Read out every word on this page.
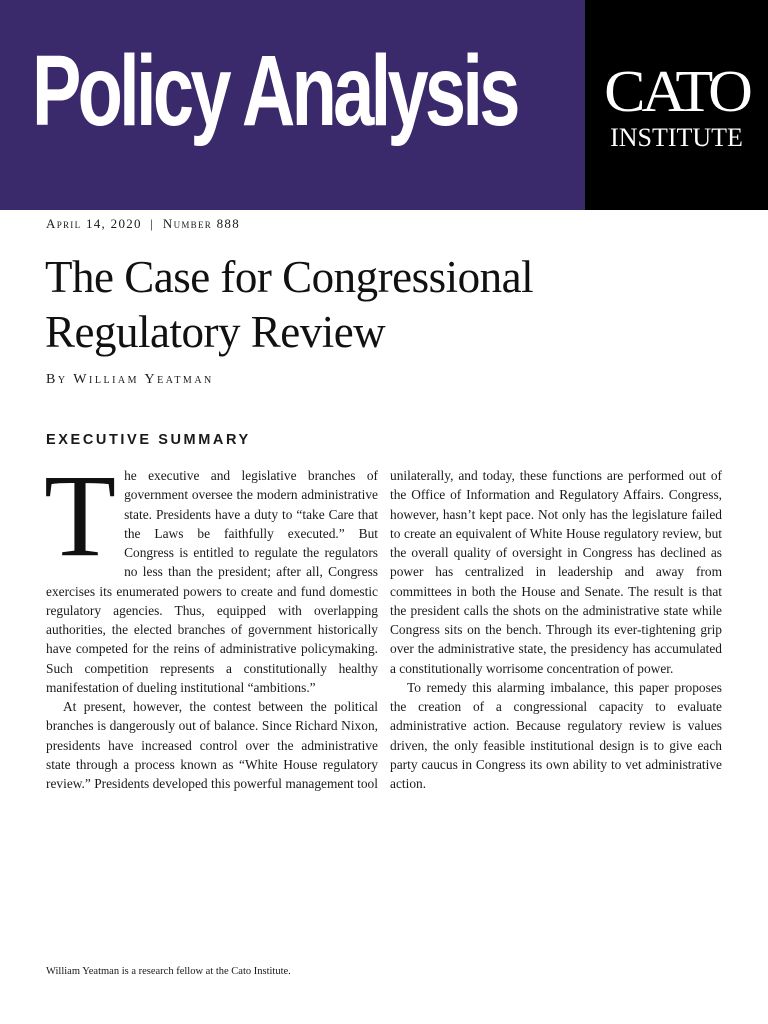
Policy Analysis	CATO
INSTITUTE
April 14, 2020 | Number 888
The Case for Congressional Regulatory Review
By William Yeatman
EXECUTIVE SUMMARY

The executive and legislative branches of government oversee the modern administrative state. Presidents have a duty to “take Care that the Laws be faithfully executed.” But Congress is entitled to regulate the regulators no less than the president; after all, Congress exercises its enumerated powers to create and fund domestic regulatory agencies. Thus, equipped with overlapping authorities, the elected branches of government historically have competed for the reins of administrative policymaking. Such competition represents a constitutionally healthy manifestation of dueling institutional “ambitions.”

At present, however, the contest between the political branches is dangerously out of balance. Since Richard Nixon, presidents have increased control over the administrative state through a process known as “White House regulatory review.” Presidents developed this powerful management tool

unilaterally, and today, these functions are performed out of the Office of Information and Regulatory Affairs. Congress, however, hasn’t kept pace. Not only has the legislature failed to create an equivalent of White House regulatory review, but the overall quality of oversight in Congress has declined as power has centralized in leadership and away from committees in both the House and Senate. The result is that the president calls the shots on the administrative state while Congress sits on the bench. Through its ever-tightening grip over the administrative state, the presidency has accumulated a constitutionally worrisome concentration of power.

To remedy this alarming imbalance, this paper proposes the creation of a congressional capacity to evaluate administrative action. Because regulatory review is values driven, the only feasible institutional design is to give each party caucus in Congress its own ability to vet administrative action.

William Yeatman is a research fellow at the Cato Institute.
